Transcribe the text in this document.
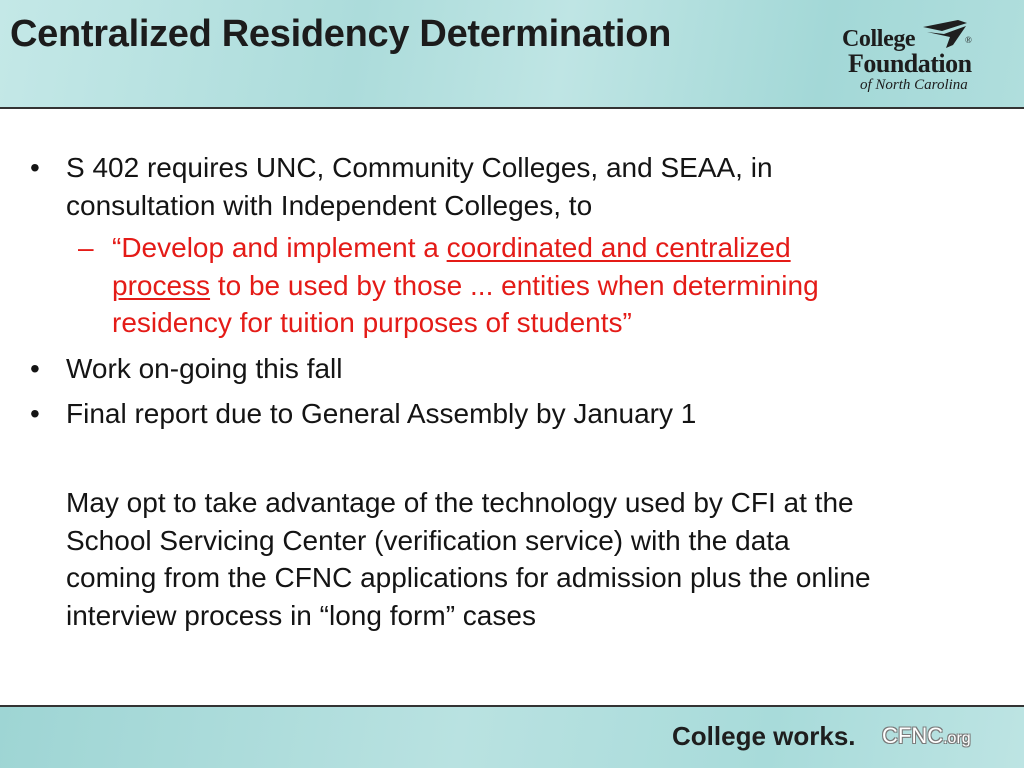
Centralized Residency Determination	College	®
Foundation
of North Carolina
• S 402 requires UNC, Community Colleges, and SEAA, in
consultation with Independent Colleges, to
– “Develop and implement a coordinated and centralized
process to be used by those ... entities when determining
residency for tuition purposes of students”
• Work on-going this fall
• Final report due to General Assembly by January 1
May opt to take advantage of the technology used by CFI at the
School Servicing Center (verification service) with the data
coming from the CFNC applications for admission plus the online
interview process in “long form” cases
College works. CFNC.org
